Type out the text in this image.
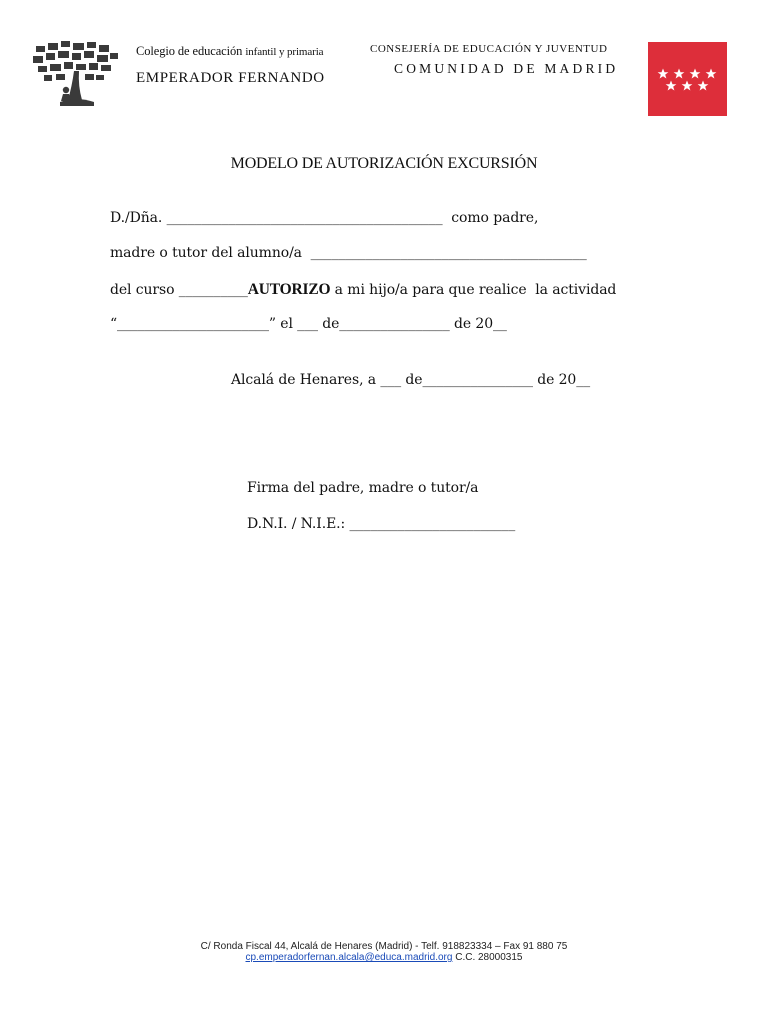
Colegio de educación infantil y primaria
EMPERADOR FERNANDO
CONSEJERÍA DE EDUCACIÓN Y JUVENTUD
COMUNIDAD DE MADRID
MODELO DE AUTORIZACIÓN EXCURSIÓN
D./Dña. ________________________________________  como padre,
madre o tutor del alumno/a  ________________________________________
del curso __________AUTORIZO a mi hijo/a para que realice  la actividad
“______________________” el ___ de________________ de 20__
Alcalá de Henares, a ___ de________________ de 20__
Firma del padre, madre o tutor/a
D.N.I. / N.I.E.: ________________________
C/ Ronda Fiscal 44, Alcalá de Henares (Madrid) - Telf. 918823334 – Fax 91 880 75
cp.emperadorfernan.alcala@educa.madrid.org C.C. 28000315
